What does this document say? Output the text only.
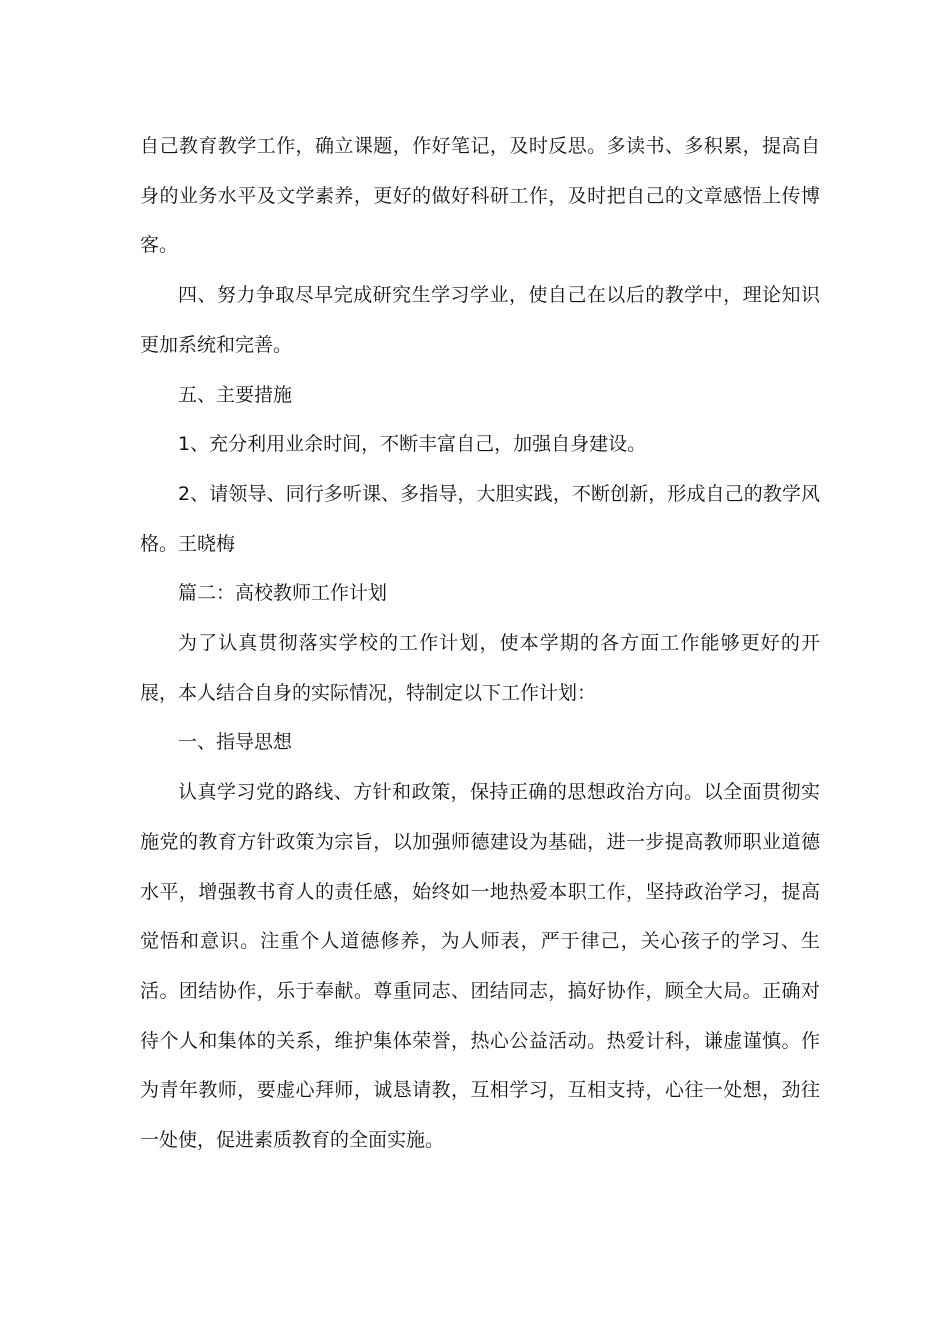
自己教育教学工作，确立课题，作好笔记，及时反思。多读书、多积累，提高自身的业务水平及文学素养，更好的做好科研工作，及时把自己的文章感悟上传博客。

四、努力争取尽早完成研究生学习学业，使自己在以后的教学中，理论知识更加系统和完善。

五、主要措施

1、充分利用业余时间，不断丰富自己，加强自身建设。

2、请领导、同行多听课、多指导，大胆实践，不断创新，形成自己的教学风格。王晓梅

篇二：高校教师工作计划

为了认真贯彻落实学校的工作计划，使本学期的各方面工作能够更好的开展，本人结合自身的实际情况，特制定以下工作计划：

一、指导思想

认真学习党的路线、方针和政策，保持正确的思想政治方向。以全面贯彻实施党的教育方针政策为宗旨，以加强师德建设为基础，进一步提高教师职业道德水平，增强教书育人的责任感，始终如一地热爱本职工作，坚持政治学习，提高觉悟和意识。注重个人道德修养，为人师表，严于律己，关心孩子的学习、生活。团结协作，乐于奉献。尊重同志、团结同志，搞好协作，顾全大局。正确对待个人和集体的关系，维护集体荣誉，热心公益活动。热爱计科，谦虚谨慎。作为青年教师，要虚心拜师，诚恳请教，互相学习，互相支持，心往一处想，劲往一处使，促进素质教育的全面实施。
